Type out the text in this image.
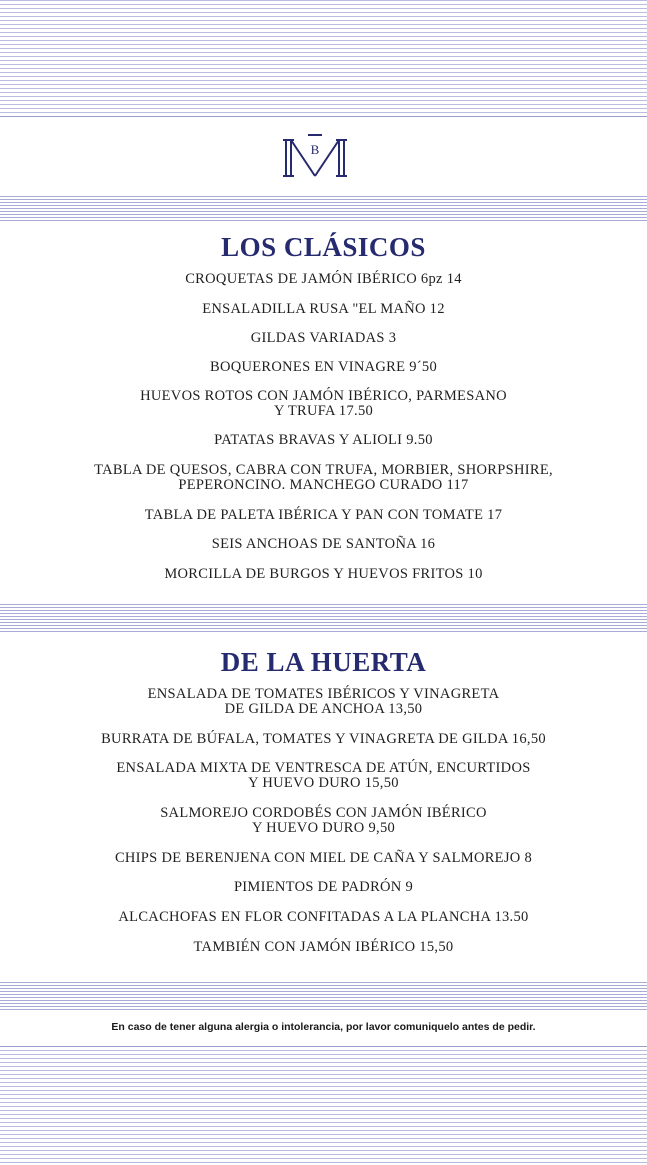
B
LOS CLÁSICOS
CROQUETAS DE JAMÓN IBÉRICO 6pz 14
ENSALADILLA RUSA "EL MAÑO 12
GILDAS VARIADAS 3
BOQUERONES EN VINAGRE 9´50
HUEVOS ROTOS CON JAMÓN IBÉRICO, PARMESANO
Y TRUFA 17.50
PATATAS BRAVAS Y ALIOLI 9.50
TABLA DE QUESOS, CABRA CON TRUFA, MORBIER, SHORPSHIRE,
PEPERONCINO. MANCHEGO CURADO 117
TABLA DE PALETA IBÉRICA Y PAN CON TOMATE 17
SEIS ANCHOAS DE SANTOÑA 16
MORCILLA DE BURGOS Y HUEVOS FRITOS 10
DE LA HUERTA
ENSALADA DE TOMATES IBÉRICOS Y VINAGRETA
DE GILDA DE ANCHOA 13,50
BURRATA DE BÚFALA, TOMATES Y VINAGRETA DE GILDA 16,50
ENSALADA MIXTA DE VENTRESCA DE ATÚN, ENCURTIDOS
Y HUEVO DURO 15,50
SALMOREJO CORDOBÉS CON JAMÓN IBÉRICO
Y HUEVO DURO 9,50
CHIPS DE BERENJENA CON MIEL DE CAÑA Y SALMOREJO 8
PIMIENTOS DE PADRÓN 9
ALCACHOFAS EN FLOR CONFITADAS A LA PLANCHA 13.50
TAMBIÉN CON JAMÓN IBÉRICO 15,50

En caso de tener alguna alergia o intolerancia, por lavor comuniquelo antes de pedir.
